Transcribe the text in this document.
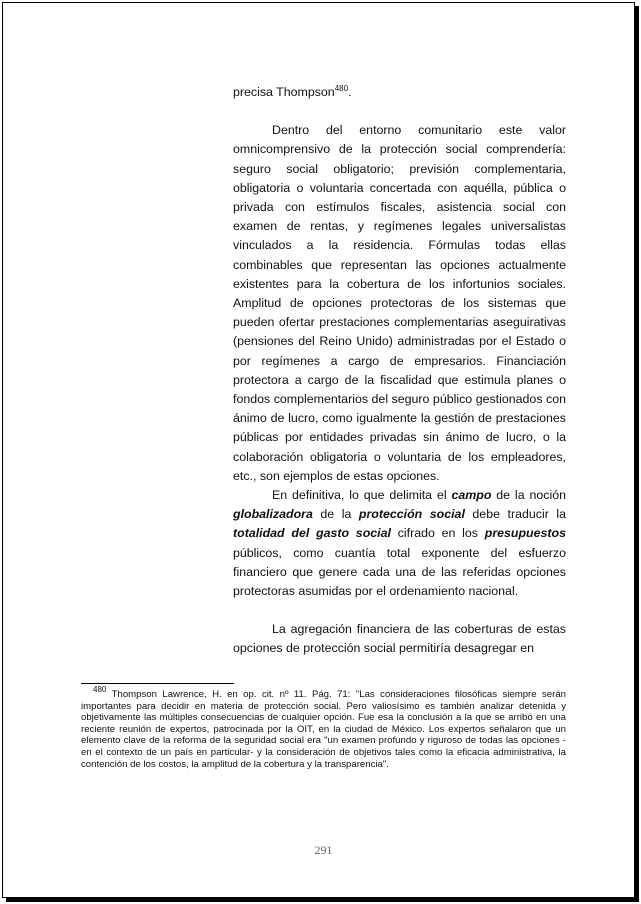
precisa Thompson$^{480}$.

Dentro del entorno comunitario este valor omnicomprensivo de la protección social comprendería: seguro social obligatorio; previsión complementaria, obligatoria o voluntaria concertada con aquélla, pública o privada con estímulos fiscales, asistencia social con examen de rentas, y regímenes legales universalistas vinculados a la residencia. Fórmulas todas ellas combinables que representan las opciones actualmente existentes para la cobertura de los infortunios sociales. Amplitud de opciones protectoras de los sistemas que pueden ofertar prestaciones complementarias aseguirativas (pensiones del Reino Unido) administradas por el Estado o por regímenes a cargo de empresarios. Financiación protectora a cargo de la fiscalidad que estimula planes o fondos complementarios del seguro público gestionados con ánimo de lucro, como igualmente la gestión de prestaciones públicas por entidades privadas sin ánimo de lucro, o la colaboración obligatoria o voluntaria de los empleadores, etc., son ejemplos de estas opciones.

En definitiva, lo que delimita el campo de la noción globalizadora de la protección social debe traducir la totalidad del gasto social cifrado en los presupuestos públicos, como cuantía total exponente del esfuerzo financiero que genere cada una de las referidas opciones protectoras asumidas por el ordenamiento nacional.

La agregación financiera de las coberturas de estas opciones de protección social permitiría desagregar en

$^{480}$ Thompson Lawrence, H. en op. cit. nº 11. Pág. 71: "Las consideraciones filosóficas siempre serán importantes para decidir en materia de protección social. Pero valiosísimo es también analizar detenida y objetivamente las múltiples consecuencias de cualquier opción. Fue esa la conclusión a la que se arribó en una reciente reunión de expertos, patrocinada por la OIT, en la ciudad de México. Los expertos señalaron que un elemento clave de la reforma de la seguridad social era "un examen profundo y riguroso de todas las opciones -en el contexto de un país en particular- y la consideración de objetivos tales como la eficacia administrativa, la contención de los costos, la amplitud de la cobertura y la transparencia".

291
